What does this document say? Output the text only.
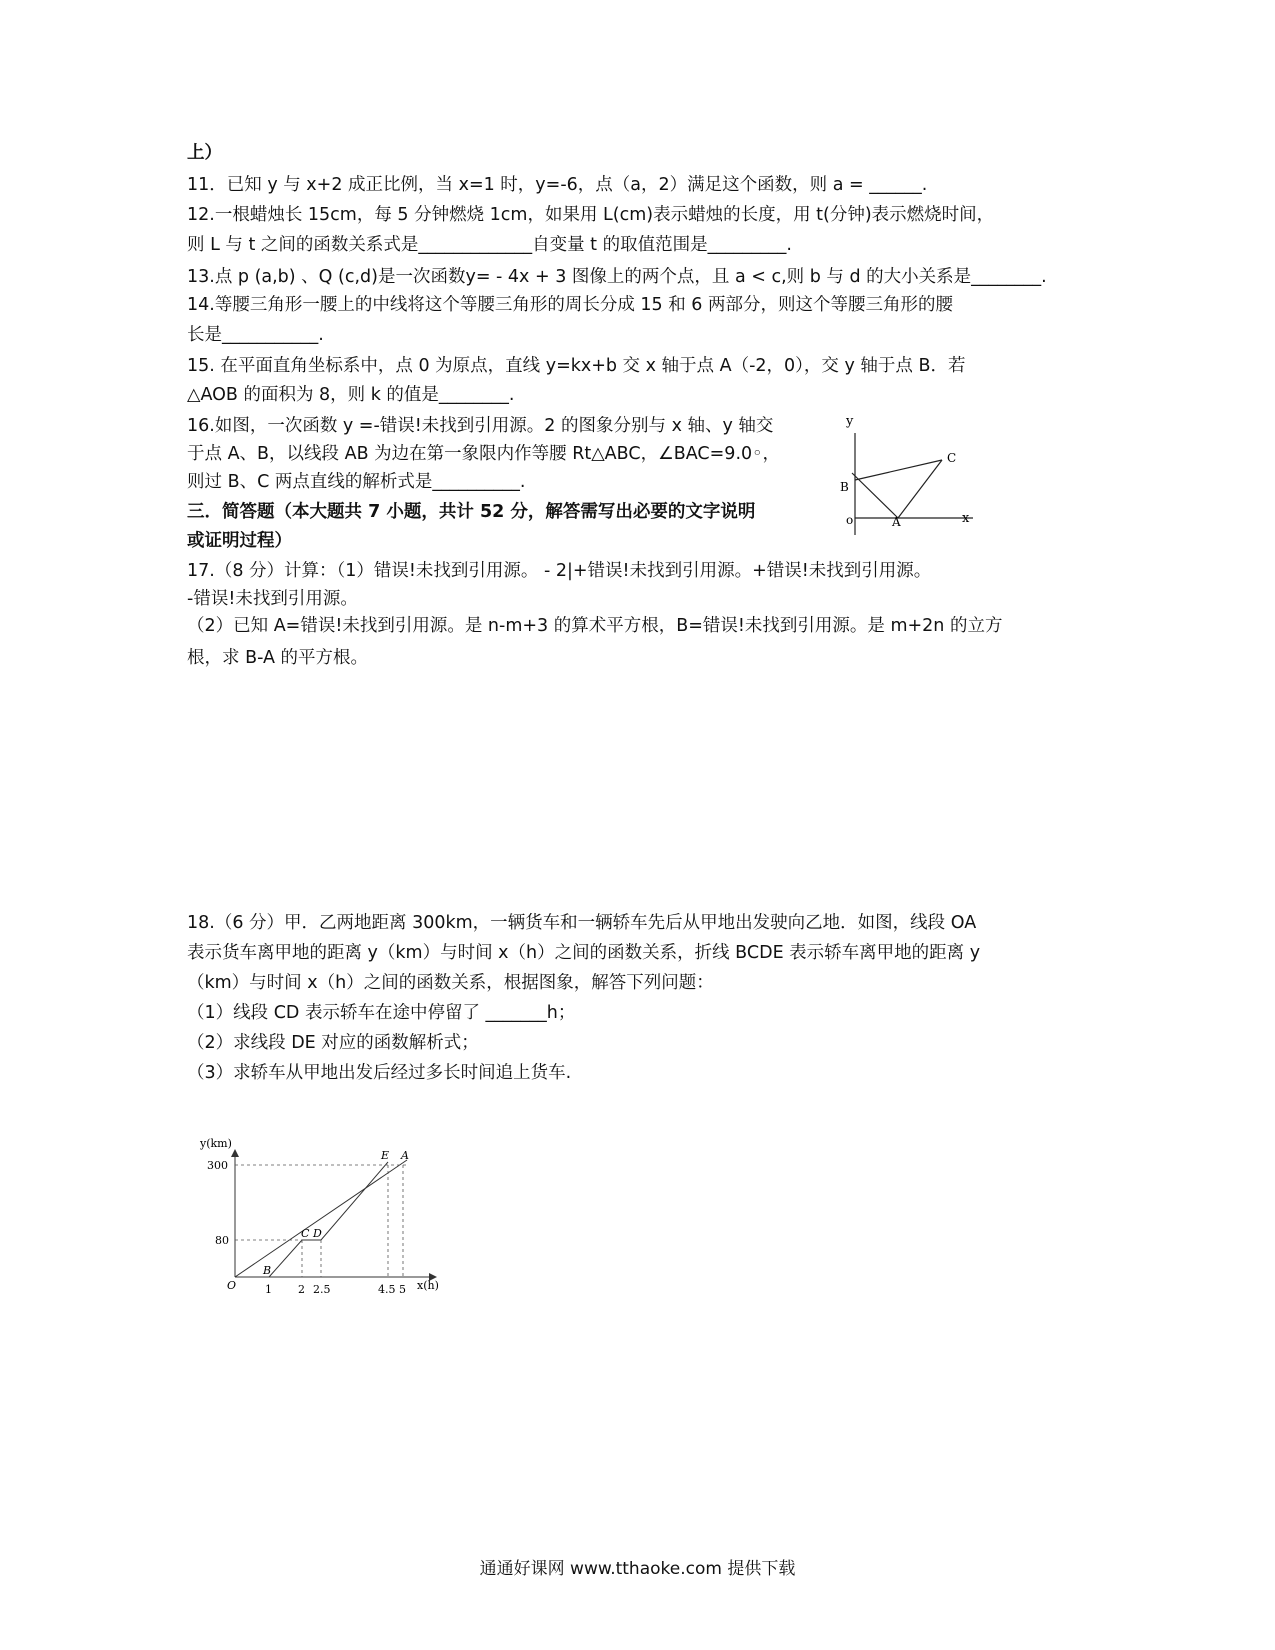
上）
11．已知 y 与 x+2 成正比例，当 x=1 时，y=-6，点（a，2）满足这个函数，则 a = ______.
12.一根蜡烛长 15cm，每 5 分钟燃烧 1cm，如果用 L(cm)表示蜡烛的长度，用 t(分钟)表示燃烧时间，
则 L 与 t 之间的函数关系式是_____________自变量 t 的取值范围是_________.
13.点 p (a,b) 、Q (c,d)是一次函数y= - 4x + 3 图像上的两个点，且 a < c,则 b 与 d 的大小关系是________.
14.等腰三角形一腰上的中线将这个等腰三角形的周长分成 15 和 6 两部分，则这个等腰三角形的腰
长是___________.
15. 在平面直角坐标系中，点 0 为原点，直线 y=kx+b 交 x 轴于点 A（-2，0），交 y 轴于点 B．若
△AOB 的面积为 8，则 k 的值是________.
16.如图，一次函数 y =-错误!未找到引用源。2 的图象分别与 x 轴、y 轴交
于点 A、B，以线段 AB 为边在第一象限内作等腰 Rt△ABC，∠BAC=9.0◦，
则过 B、C 两点直线的解析式是__________.
三．简答题（本大题共 7 小题，共计 52 分，解答需写出必要的文字说明
或证明过程）
17.（8 分）计算：（1）错误!未找到引用源。 - 2|+错误!未找到引用源。+错误!未找到引用源。
-错误!未找到引用源。
（2）已知 A=错误!未找到引用源。是 n-m+3 的算术平方根，B=错误!未找到引用源。是 m+2n 的立方
根，求 B-A 的平方根。
18.（6 分）甲．乙两地距离 300km，一辆货车和一辆轿车先后从甲地出发驶向乙地．如图，线段 OA
表示货车离甲地的距离 y（km）与时间 x（h）之间的函数关系，折线 BCDE 表示轿车离甲地的距离 y
（km）与时间 x（h）之间的函数关系，根据图象，解答下列问题：
（1）线段 CD 表示轿车在途中停留了 _______h；
（2）求线段 DE 对应的函数解析式；
（3）求轿车从甲地出发后经过多长时间追上货车.
y
x
o	A
B
C
y(km)
x(h)
O
300
80
1 2 2.5	4.5 5
B
C D
E A
通通好课网 www.tthaoke.com 提供下载
